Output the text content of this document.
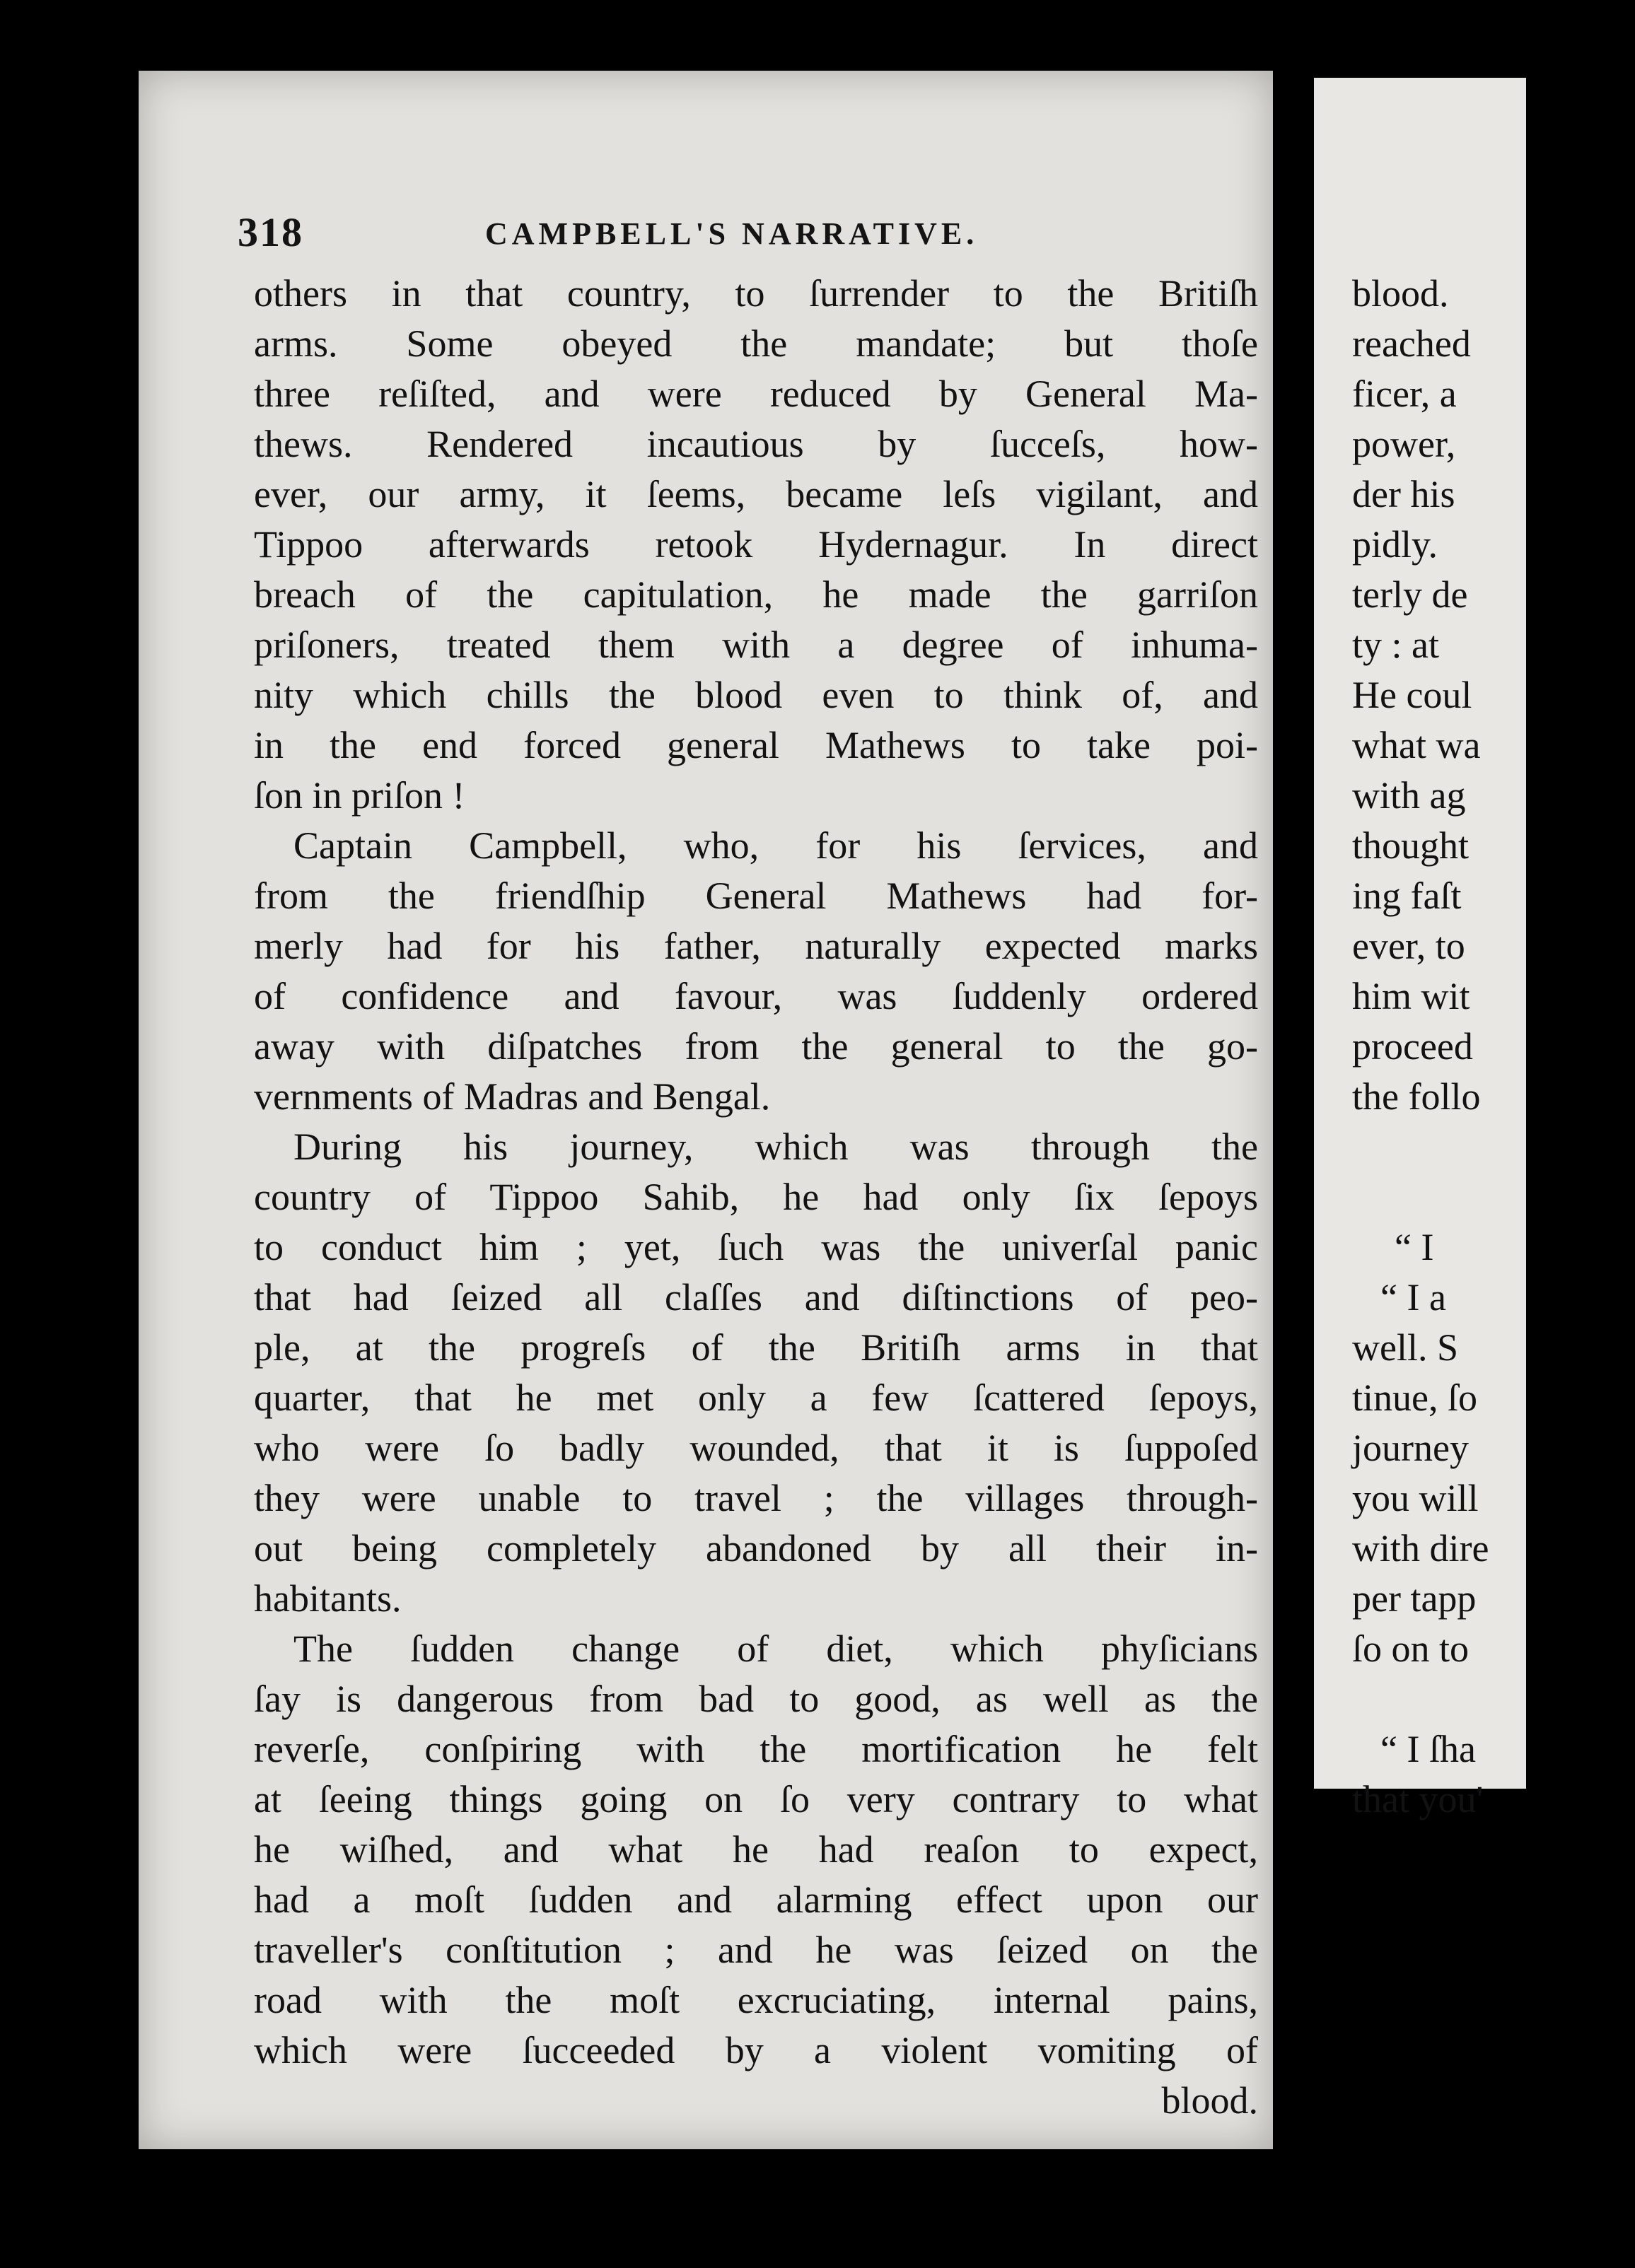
318	CAMPBELL'S NARRATIVE.
others in that country, to ſurrender to the Britiſh
arms. Some obeyed the mandate; but thoſe
three reſiſted, and were reduced by General Ma-
thews. Rendered incautious by ſucceſs, how-
ever, our army, it ſeems, became leſs vigilant, and
Tippoo afterwards retook Hydernagur. In direct
breach of the capitulation, he made the garriſon
priſoners, treated them with a degree of inhuma-
nity which chills the blood even to think of, and
in the end forced general Mathews to take poi-
ſon in priſon !
Captain Campbell, who, for his ſervices, and
from the friendſhip General Mathews had for-
merly had for his father, naturally expected marks
of confidence and favour, was ſuddenly ordered
away with diſpatches from the general to the go-
vernments of Madras and Bengal.
During his journey, which was through the
country of Tippoo Sahib, he had only ſix ſepoys
to conduct him ; yet, ſuch was the univerſal panic
that had ſeized all claſſes and diſtinctions of peo-
ple, at the progreſs of the Britiſh arms in that
quarter, that he met only a few ſcattered ſepoys,
who were ſo badly wounded, that it is ſuppoſed
they were unable to travel ; the villages through-
out being completely abandoned by all their in-
habitants.
The ſudden change of diet, which phyſicians
ſay is dangerous from bad to good, as well as the
reverſe, conſpiring with the mortification he felt
at ſeeing things going on ſo very contrary to what
he wiſhed, and what he had reaſon to expect,
had a moſt ſudden and alarming effect upon our
traveller's conſtitution ; and he was ſeized on the
road with the moſt excruciating, internal pains,
which were ſucceeded by a violent vomiting of
blood.
blood.
reached
ficer, a
power,
der his
pidly.
terly de
ty : at
He coul
what wa
with ag
thought
ing faſt
ever, to
him wit
proceed
the follo
“ I
“ I a
well. S
tinue, ſo
journey
you will
with dire
per tapp
ſo on to
“ I ſha
that you'
